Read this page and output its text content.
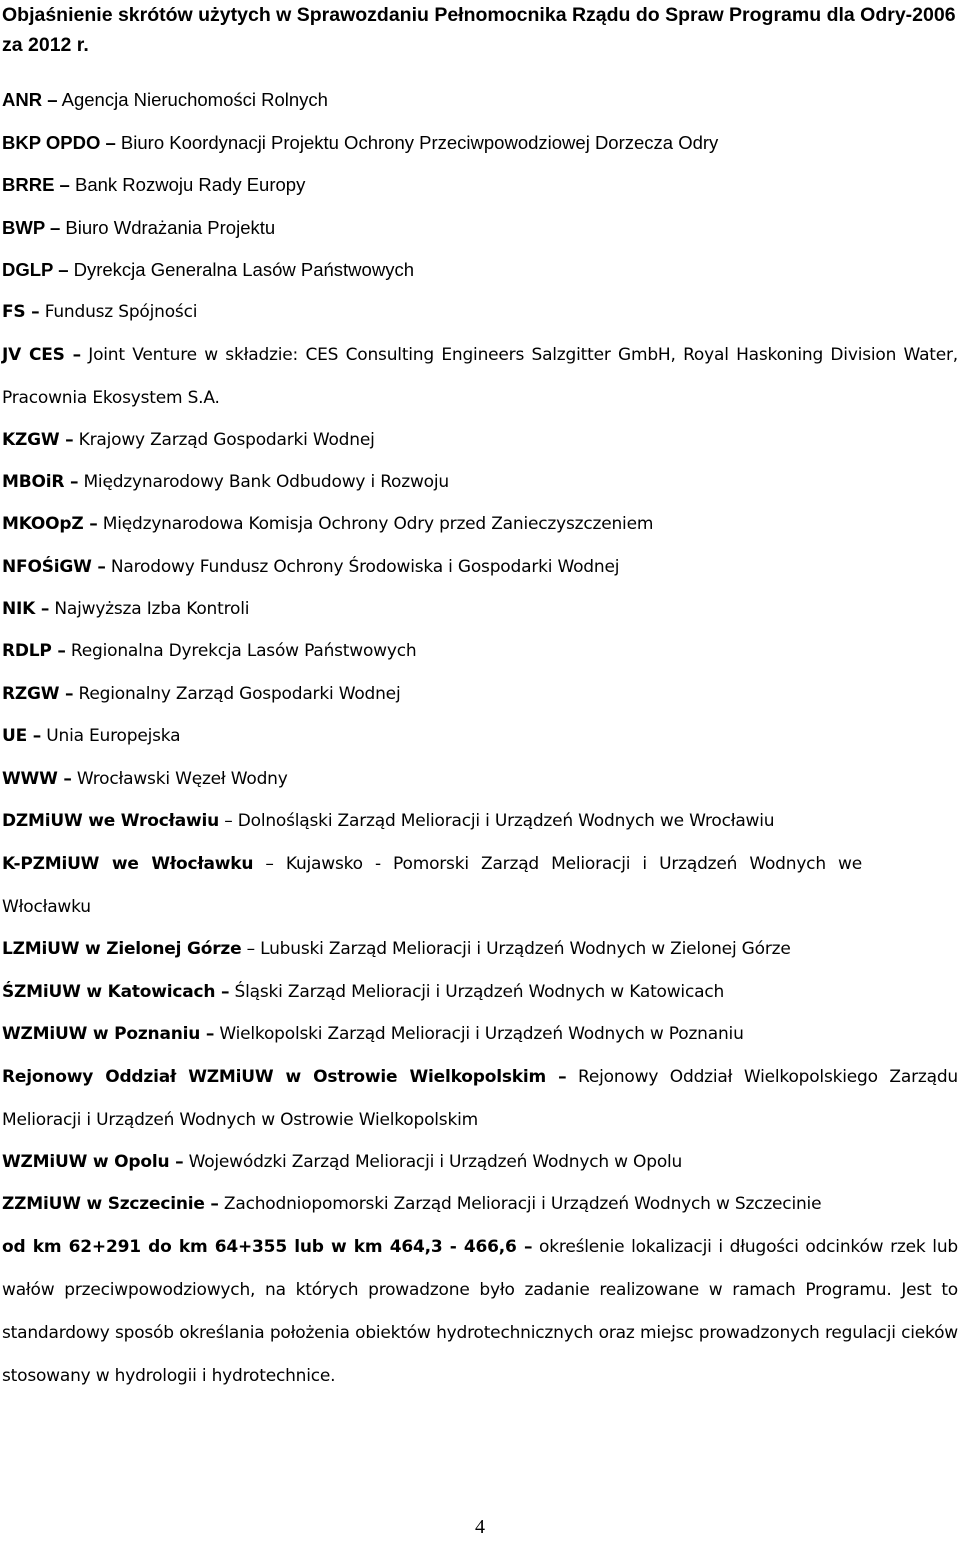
Objaśnienie skrótów użytych w Sprawozdaniu Pełnomocnika Rządu do Spraw Programu dla Odry-2006 za 2012 r.
ANR – Agencja Nieruchomości Rolnych
BKP OPDO – Biuro Koordynacji Projektu Ochrony Przeciwpowodziowej Dorzecza Odry
BRRE – Bank Rozwoju Rady Europy
BWP – Biuro Wdrażania Projektu
DGLP – Dyrekcja Generalna Lasów Państwowych
FS – Fundusz Spójności
JV CES – Joint Venture w składzie: CES Consulting Engineers Salzgitter GmbH, Royal Haskoning Division Water, Pracownia Ekosystem S.A.
KZGW – Krajowy Zarząd Gospodarki Wodnej
MBOiR – Międzynarodowy Bank Odbudowy i Rozwoju
MKOOpZ – Międzynarodowa Komisja Ochrony Odry przed Zanieczyszczeniem
NFOŚiGW – Narodowy Fundusz Ochrony Środowiska i Gospodarki Wodnej
NIK – Najwyższa Izba Kontroli
RDLP – Regionalna Dyrekcja Lasów Państwowych
RZGW – Regionalny Zarząd Gospodarki Wodnej
UE – Unia Europejska
WWW – Wrocławski Węzeł Wodny
DZMiUW we Wrocławiu – Dolnośląski Zarząd Melioracji i Urządzeń Wodnych we Wrocławiu
K-PZMiUW we Włocławku – Kujawsko - Pomorski Zarząd Melioracji i Urządzeń Wodnych we Włocławku
LZMiUW w Zielonej Górze – Lubuski Zarząd Melioracji i Urządzeń Wodnych w Zielonej Górze
ŚZMiUW w Katowicach – Śląski Zarząd Melioracji i Urządzeń Wodnych w Katowicach
WZMiUW w Poznaniu – Wielkopolski Zarząd Melioracji i Urządzeń Wodnych w Poznaniu
Rejonowy Oddział WZMiUW w Ostrowie Wielkopolskim – Rejonowy Oddział Wielkopolskiego Zarządu Melioracji i Urządzeń Wodnych w Ostrowie Wielkopolskim
WZMiUW w Opolu – Wojewódzki Zarząd Melioracji i Urządzeń Wodnych w Opolu
ZZMiUW w Szczecinie – Zachodniopomorski Zarząd Melioracji i Urządzeń Wodnych w Szczecinie
od km 62+291 do km 64+355 lub w km 464,3 - 466,6 – określenie lokalizacji i długości odcinków rzek lub wałów przeciwpowodziowych, na których prowadzone było zadanie realizowane w ramach Programu. Jest to standardowy sposób określania położenia obiektów hydrotechnicznych oraz miejsc prowadzonych regulacji cieków stosowany w hydrologii i hydrotechnice.
4
